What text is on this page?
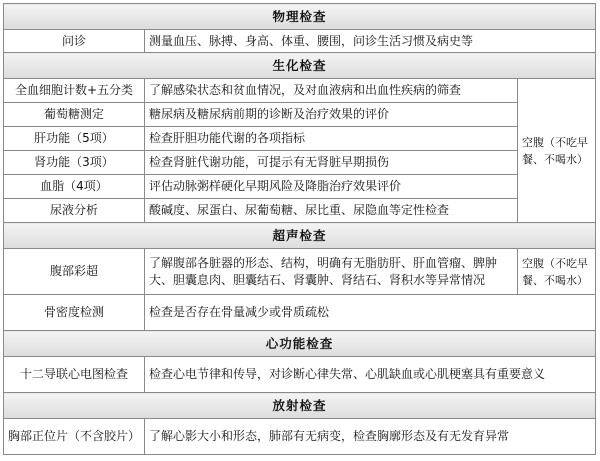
物理检查		
问诊	测量血压、脉搏、身高、体重、腰围，问诊生活习惯及病史等	
生化检查		
全血细胞计数+五分类	了解感染状态和贫血情况，及对血液病和出血性疾病的筛查	空腹（不吃早餐、不喝水）
葡萄糖测定	糖尿病及糖尿病前期的诊断及治疗效果的评价	
肝功能（5项）	检查肝胆功能代谢的各项指标	
肾功能（3项）	检查肾脏代谢功能，可提示有无肾脏早期损伤	
血脂（4项）	评估动脉粥样硬化早期风险及降脂治疗效果评价	
尿液分析	酸碱度、尿蛋白、尿葡萄糖、尿比重、尿隐血等定性检查	
超声检查		
腹部彩超	了解腹部各脏器的形态、结构，明确有无脂肪肝、肝血管瘤、脾肿大、胆囊息肉、胆囊结石、肾囊肿、肾结石、肾积水等异常情况	空腹（不吃早餐、不喝水）
骨密度检测	检查是否存在骨量减少或骨质疏松	
心功能检查		
十二导联心电图检查	检查心电节律和传导，对诊断心律失常、心肌缺血或心肌梗塞具有重要意义	
放射检查		
胸部正位片（不含胶片）	了解心影大小和形态，肺部有无病变，检查胸廓形态及有无发育异常	
